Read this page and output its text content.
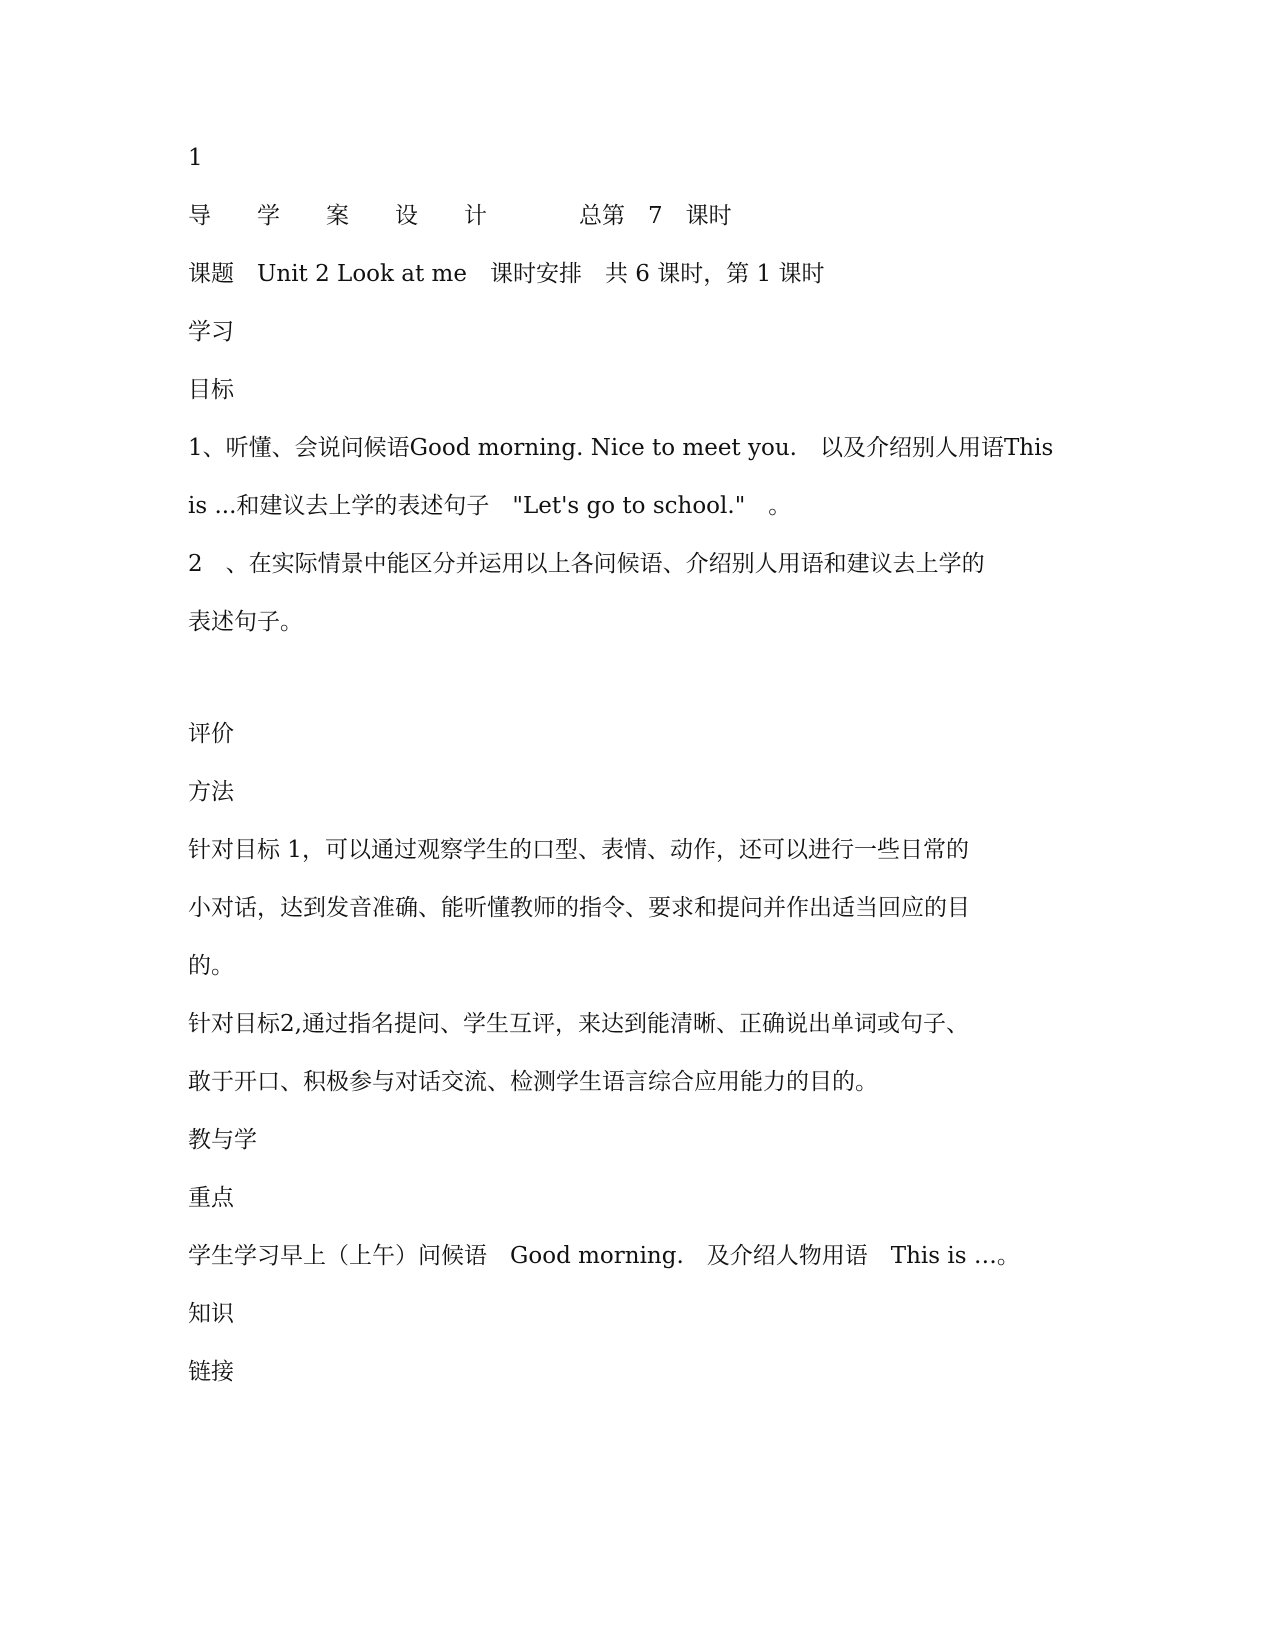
1
导　　学　　案　　设　　计　　　　总第　7　课时
课题　Unit 2 Look at me　课时安排　共 6 课时，第 1 课时
学习
目标
1、听懂、会说问候语Good morning. Nice to meet you.　以及介绍别人用语This
is ...和建议去上学的表述句子　"Let's go to school."　。
2　、在实际情景中能区分并运用以上各问候语、介绍别人用语和建议去上学的
表述句子。
评价
方法
针对目标 1，可以通过观察学生的口型、表情、动作，还可以进行一些日常的
小对话，达到发音准确、能听懂教师的指令、要求和提问并作出适当回应的目
的。
针对目标2,通过指名提问、学生互评，来达到能清晰、正确说出单词或句子、
敢于开口、积极参与对话交流、检测学生语言综合应用能力的目的。
教与学
重点
学生学习早上（上午）问候语　Good morning.　及介绍人物用语　This is …。
知识
链接
